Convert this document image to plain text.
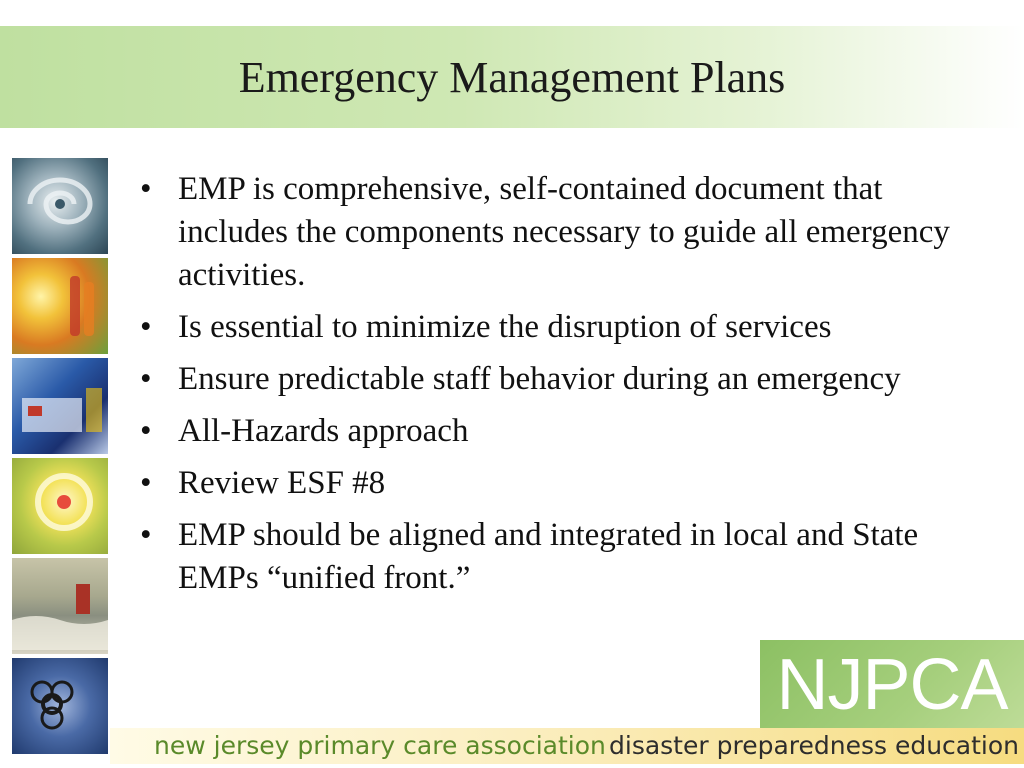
Emergency Management Plans
• EMP is comprehensive, self-contained document that includes the components necessary to guide all emergency activities.
• Is essential to minimize the disruption of services
• Ensure predictable staff behavior during an emergency
• All-Hazards approach
• Review ESF #8
• EMP should be aligned and integrated in local and State EMPs “unified front.”
NJPCA
new jersey primary care association disaster preparedness education
